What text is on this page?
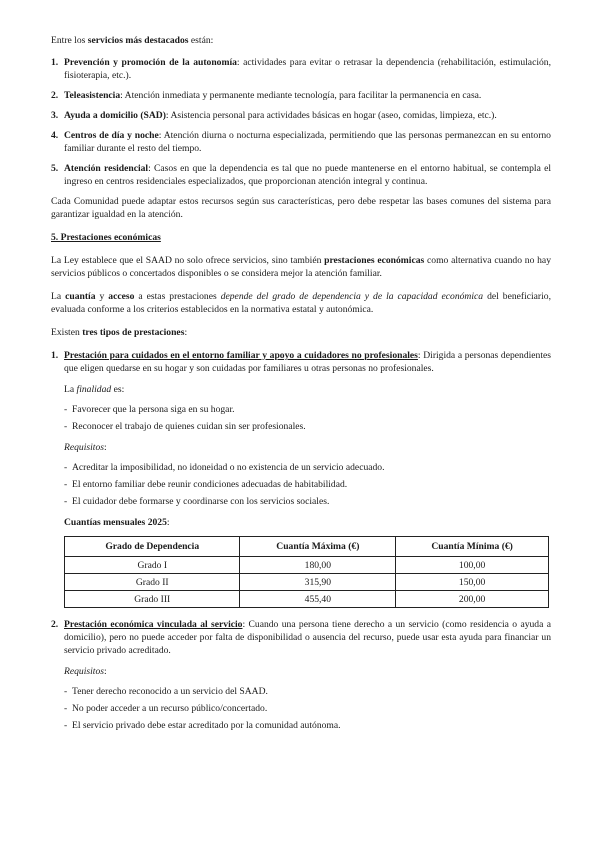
Entre los servicios más destacados están:

1. Prevención y promoción de la autonomía: actividades para evitar o retrasar la dependencia (rehabilitación, estimulación, fisioterapia, etc.).
2. Teleasistencia: Atención inmediata y permanente mediante tecnología, para facilitar la permanencia en casa.
3. Ayuda a domicilio (SAD): Asistencia personal para actividades básicas en hogar (aseo, comidas, limpieza, etc.).
4. Centros de día y noche: Atención diurna o nocturna especializada, permitiendo que las personas permanezcan en su entorno familiar durante el resto del tiempo.
5. Atención residencial: Casos en que la dependencia es tal que no puede mantenerse en el entorno habitual, se contempla el ingreso en centros residenciales especializados, que proporcionan atención integral y continua.

Cada Comunidad puede adaptar estos recursos según sus características, pero debe respetar las bases comunes del sistema para garantizar igualdad en la atención.

5. Prestaciones económicas

La Ley establece que el SAAD no solo ofrece servicios, sino también prestaciones económicas como alternativa cuando no hay servicios públicos o concertados disponibles o se considera mejor la atención familiar.

La cuantía y acceso a estas prestaciones depende del grado de dependencia y de la capacidad económica del beneficiario, evaluada conforme a los criterios establecidos en la normativa estatal y autonómica.

Existen tres tipos de prestaciones:

1. Prestación para cuidados en el entorno familiar y apoyo a cuidadores no profesionales: Dirigida a personas dependientes que eligen quedarse en su hogar y son cuidadas por familiares u otras personas no profesionales.

La finalidad es:

- Favorecer que la persona siga en su hogar.
- Reconocer el trabajo de quienes cuidan sin ser profesionales.

Requisitos:

- Acreditar la imposibilidad, no idoneidad o no existencia de un servicio adecuado.
- El entorno familiar debe reunir condiciones adecuadas de habitabilidad.
- El cuidador debe formarse y coordinarse con los servicios sociales.

Cuantías mensuales 2025:

Grado de Dependencia	Cuantía Máxima (€)	Cuantía Mínima (€)
Grado I	180,00	100,00
Grado II	315,90	150,00
Grado III	455,40	200,00
2. Prestación económica vinculada al servicio: Cuando una persona tiene derecho a un servicio (como residencia o ayuda a domicilio), pero no puede acceder por falta de disponibilidad o ausencia del recurso, puede usar esta ayuda para financiar un servicio privado acreditado.

Requisitos:

- Tener derecho reconocido a un servicio del SAAD.
- No poder acceder a un recurso público/concertado.
- El servicio privado debe estar acreditado por la comunidad autónoma.
